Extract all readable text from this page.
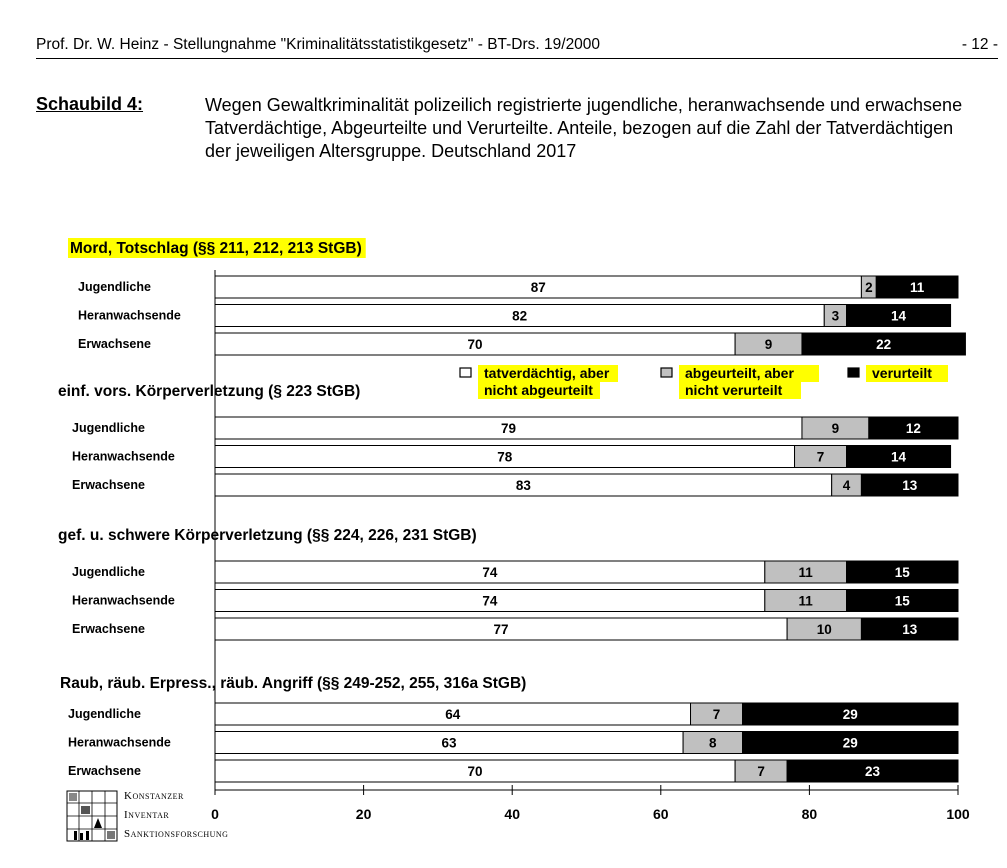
Prof. Dr. W. Heinz - Stellungnahme "Kriminalitätsstatistikgesetz" - BT-Drs. 19/2000	- 12 -
Schaubild 4:	Wegen Gewaltkriminalität polizeilich registrierte jugendliche, heranwachsende und erwachsene Tatverdächtige, Abgeurteilte und Verurteilte. Anteile, bezogen auf die Zahl der Tatverdächtigen der jeweiligen Altersgruppe. Deutschland 2017
Mord, Totschlag (§§ 211, 212, 213 StGB)
Jugendliche	87	2	11
Heranwachsende	82	3	14
Erwachsene	70	9	22
einf. vors. Körperverletzung (§ 223 StGB)
Jugendliche	79	9	12
Heranwachsende	78	7	14
Erwachsene	83	4	13
gef. u. schwere Körperverletzung (§§ 224, 226, 231 StGB)
Jugendliche	74	11	15
Heranwachsende	74	11	15
Erwachsene	77	10	13
Raub, räub. Erpress., räub. Angriff (§§ 249-252, 255, 316a StGB)
Jugendliche	64	7	29
Heranwachsende	63	8	29
Erwachsene	70	7	23
tatverdächtig, aber
nicht abgeurteilt
abgeurteilt, aber
nicht verurteilt
verurteilt
0	20	40	60	80	100
Konstanzer
Inventar
Sanktionsforschung
